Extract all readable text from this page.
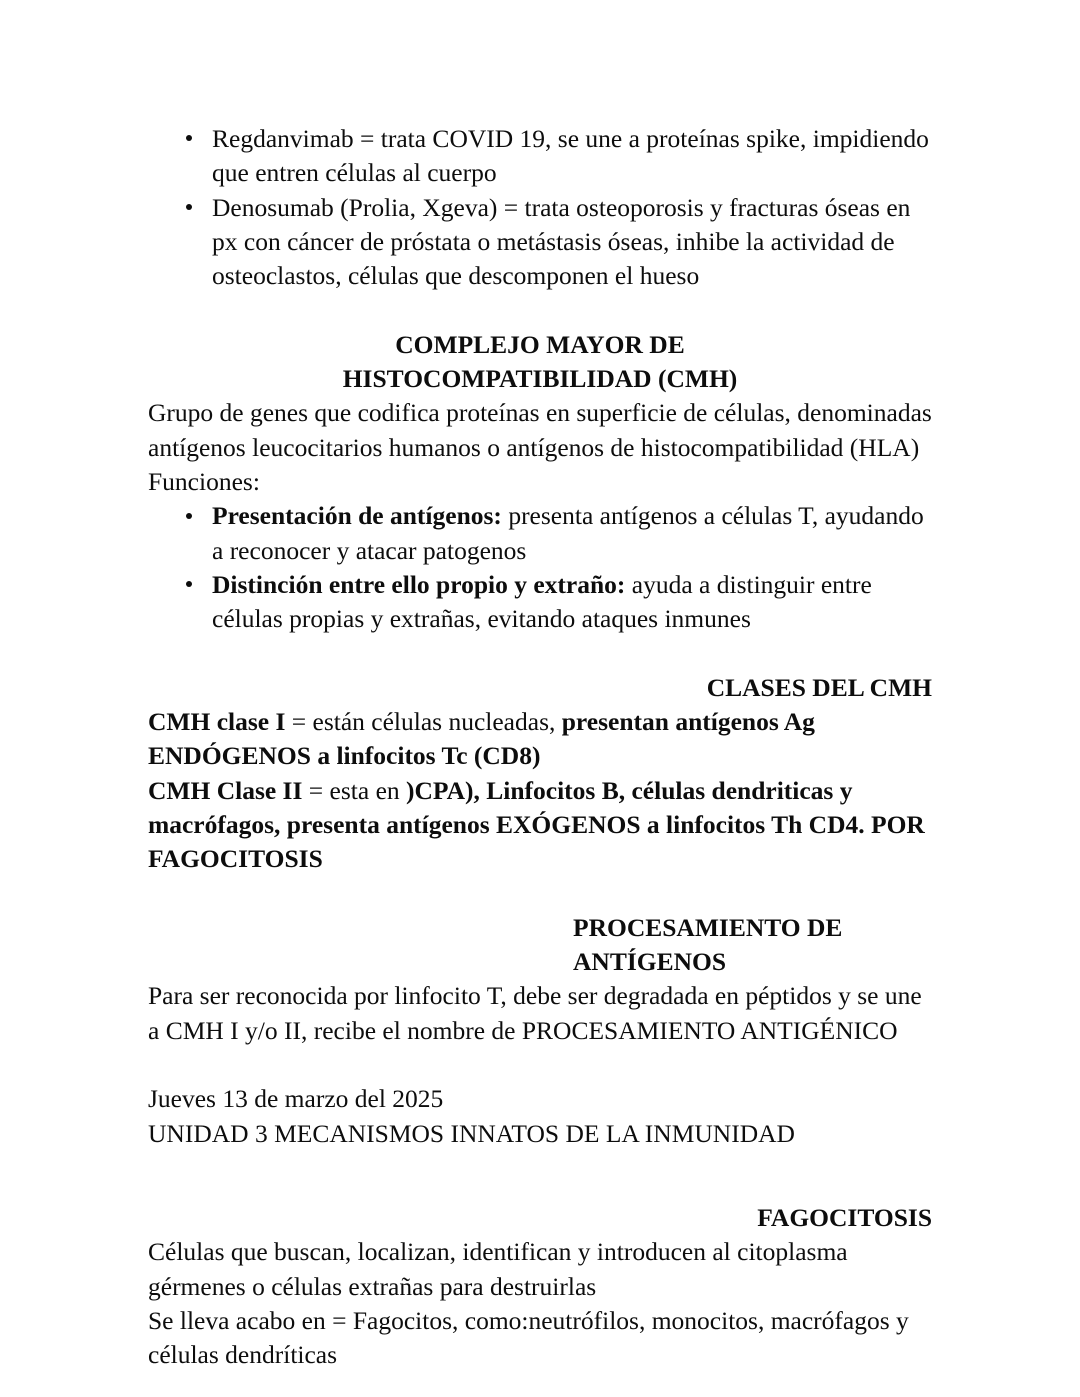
Regdanvimab = trata COVID 19, se une a proteínas spike, impidiendo que entren células al cuerpo
Denosumab (Prolia, Xgeva) = trata osteoporosis y fracturas óseas en px con cáncer de próstata o metástasis óseas, inhibe la actividad de osteoclastos, células que descomponen el hueso

COMPLEJO MAYOR DE

HISTOCOMPATIBILIDAD (CMH)

Grupo de genes que codifica proteínas en superficie de células, denominadas antígenos leucocitarios humanos o antígenos de histocompatibilidad (HLA)

Funciones:

Presentación de antígenos: presenta antígenos a células T, ayudando a reconocer y atacar patogenos
Distinción entre ello propio y extraño: ayuda a distinguir entre células propias y extrañas, evitando ataques inmunes

CLASES DEL CMH

CMH clase I = están células nucleadas, presentan antígenos Ag ENDÓGENOS a linfocitos Tc (CD8)

CMH Clase II = esta en )CPA), Linfocitos B, células dendriticas y macrófagos, presenta antígenos EXÓGENOS a linfocitos Th CD4. POR FAGOCITOSIS

PROCESAMIENTO DE

ANTÍGENOS

Para ser reconocida por linfocito T, debe ser degradada en péptidos y se une a CMH I y/o II, recibe el nombre de PROCESAMIENTO ANTIGÉNICO

Jueves 13 de marzo del 2025

UNIDAD 3 MECANISMOS INNATOS DE LA INMUNIDAD

FAGOCITOSIS

Células que buscan, localizan, identifican y introducen al citoplasma gérmenes o células extrañas para destruirlas

Se lleva acabo en = Fagocitos, como:neutrófilos, monocitos, macrófagos y células dendríticas
